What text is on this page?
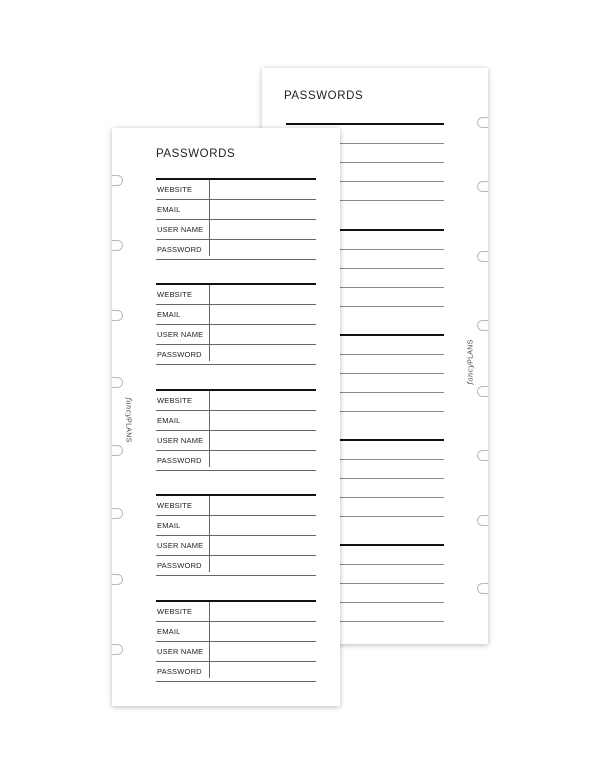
PASSWORDS
fancyPLANS
PASSWORDS
WEBSITE
EMAIL
USER NAME
PASSWORD
WEBSITE
EMAIL
USER NAME
PASSWORD
WEBSITE
EMAIL
USER NAME
PASSWORD
WEBSITE
EMAIL
USER NAME
PASSWORD
WEBSITE
EMAIL
USER NAME
PASSWORD
fancyPLANS
